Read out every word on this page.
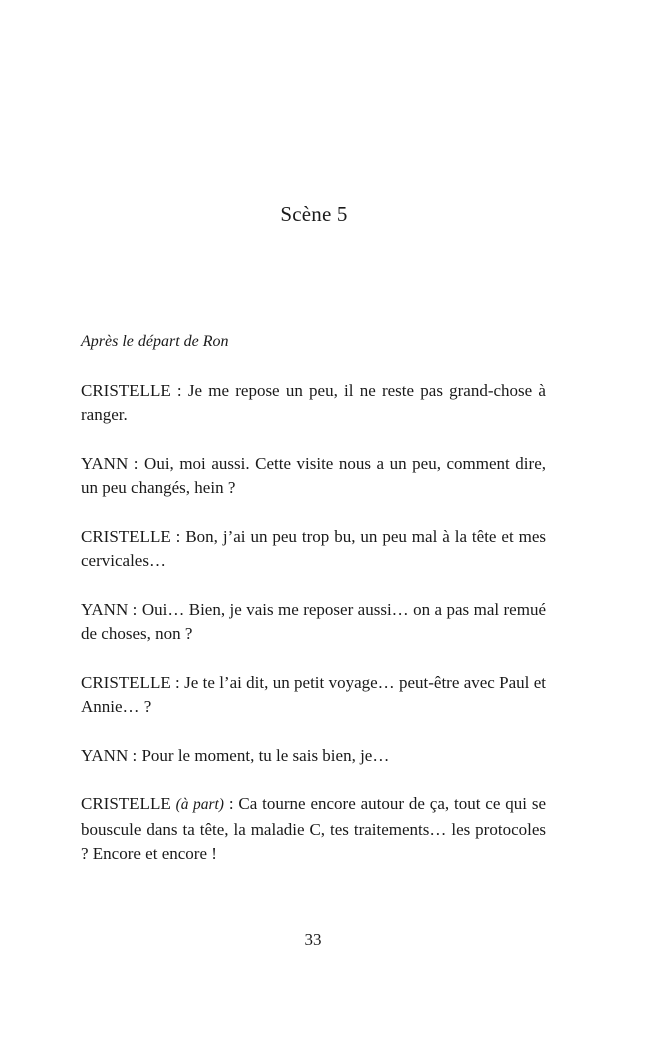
Scène 5

Après le départ de Ron

CRISTELLE : Je me repose un peu, il ne reste pas grand-chose à ranger.

YANN : Oui, moi aussi. Cette visite nous a un peu, comment dire, un peu changés, hein ?

CRISTELLE : Bon, j’ai un peu trop bu, un peu mal à la tête et mes cervicales…

YANN : Oui… Bien, je vais me reposer aussi… on a pas mal remué de choses, non ?

CRISTELLE : Je te l’ai dit, un petit voyage… peut-être avec Paul et Annie… ?

YANN : Pour le moment, tu le sais bien, je…

CRISTELLE (à part) : Ca tourne encore autour de ça, tout ce qui se bouscule dans ta tête, la maladie C, tes traitements… les protocoles ? Encore et encore !

33
